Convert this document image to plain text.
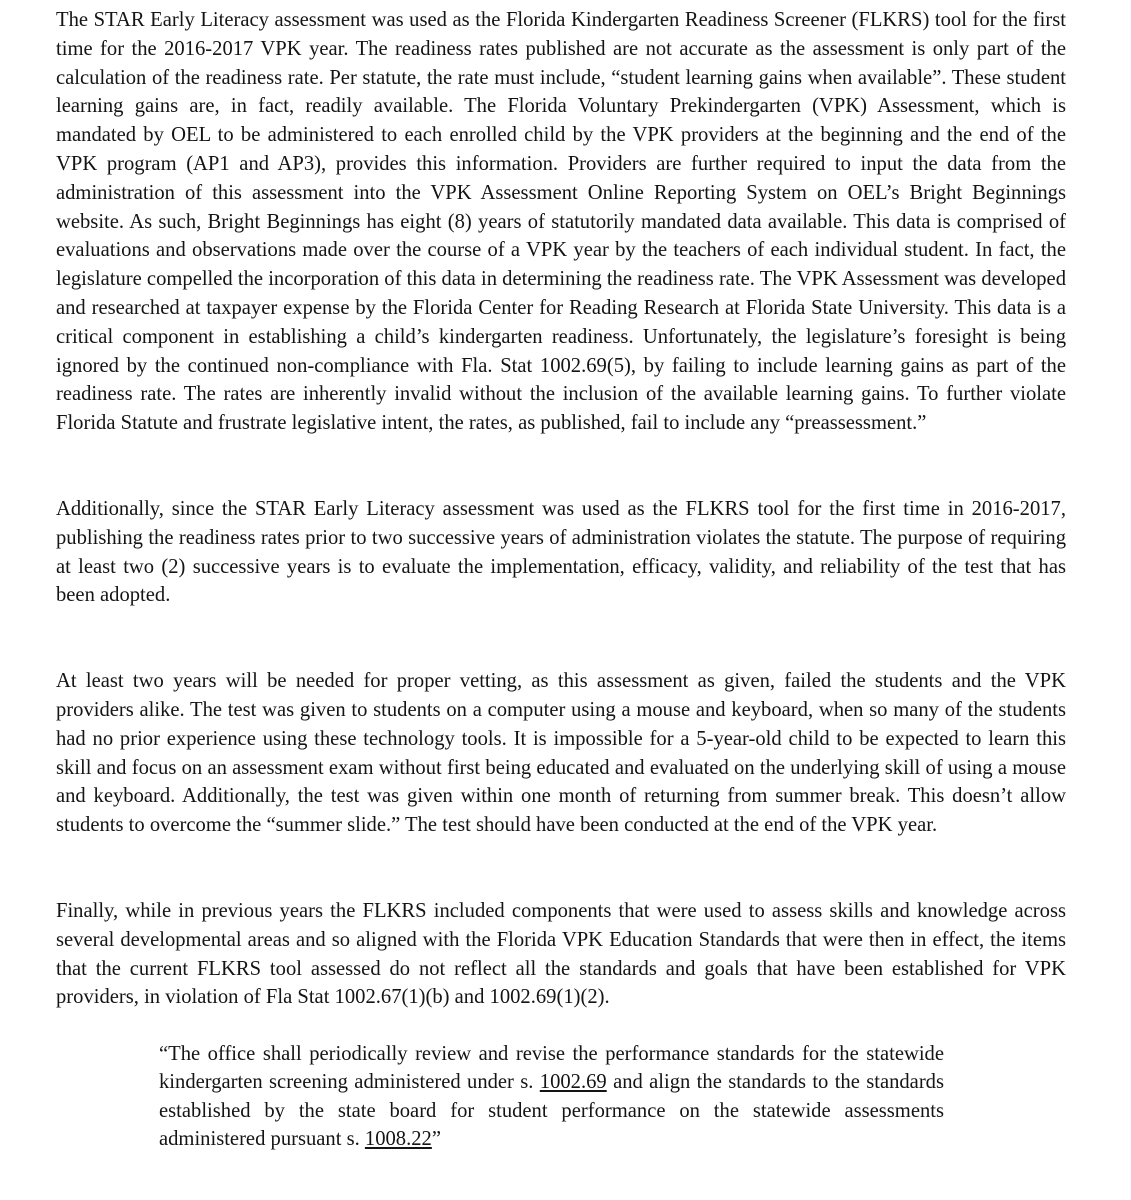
The STAR Early Literacy assessment was used as the Florida Kindergarten Readiness Screener (FLKRS) tool for the first time for the 2016-2017 VPK year. The readiness rates published are not accurate as the assessment is only part of the calculation of the readiness rate. Per statute, the rate must include, “student learning gains when available”. These student learning gains are, in fact, readily available. The Florida Voluntary Prekindergarten (VPK) Assessment, which is mandated by OEL to be administered to each enrolled child by the VPK providers at the beginning and the end of the VPK program (AP1 and AP3), provides this information. Providers are further required to input the data from the administration of this assessment into the VPK Assessment Online Reporting System on OEL’s Bright Beginnings website. As such, Bright Beginnings has eight (8) years of statutorily mandated data available. This data is comprised of evaluations and observations made over the course of a VPK year by the teachers of each individual student. In fact, the legislature compelled the incorporation of this data in determining the readiness rate. The VPK Assessment was developed and researched at taxpayer expense by the Florida Center for Reading Research at Florida State University. This data is a critical component in establishing a child’s kindergarten readiness. Unfortunately, the legislature’s foresight is being ignored by the continued non-compliance with Fla. Stat 1002.69(5), by failing to include learning gains as part of the readiness rate. The rates are inherently invalid without the inclusion of the available learning gains. To further violate Florida Statute and frustrate legislative intent, the rates, as published, fail to include any “preassessment.”

Additionally, since the STAR Early Literacy assessment was used as the FLKRS tool for the first time in 2016-2017, publishing the readiness rates prior to two successive years of administration violates the statute. The purpose of requiring at least two (2) successive years is to evaluate the implementation, efficacy, validity, and reliability of the test that has been adopted.

At least two years will be needed for proper vetting, as this assessment as given, failed the students and the VPK providers alike. The test was given to students on a computer using a mouse and keyboard, when so many of the students had no prior experience using these technology tools. It is impossible for a 5-year-old child to be expected to learn this skill and focus on an assessment exam without first being educated and evaluated on the underlying skill of using a mouse and keyboard. Additionally, the test was given within one month of returning from summer break. This doesn’t allow students to overcome the “summer slide.” The test should have been conducted at the end of the VPK year.

Finally, while in previous years the FLKRS included components that were used to assess skills and knowledge across several developmental areas and so aligned with the Florida VPK Education Standards that were then in effect, the items that the current FLKRS tool assessed do not reflect all the standards and goals that have been established for VPK providers, in violation of Fla Stat 1002.67(1)(b) and 1002.69(1)(2).

“The office shall periodically review and revise the performance standards for the statewide kindergarten screening administered under s. 1002.69 and align the standards to the standards established by the state board for student performance on the statewide assessments administered pursuant s. 1008.22”
